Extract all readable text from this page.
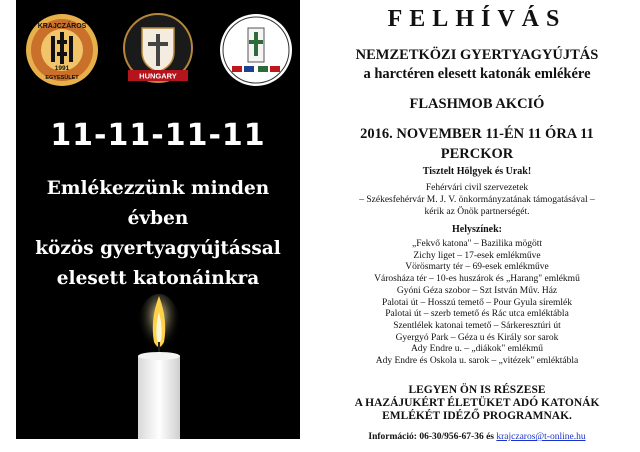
KRAJCZÁROS
1991
EGYESÜLET	HUNGARY
11-11-11-11
Emlékezzünk minden évben
közös gyertyagyújtással
elesett katonáinkra
FELHÍVÁS
NEMZETKÖZI GYERTYAGYÚJTÁS
a harctéren elesett katonák emlékére
FLASHMOB AKCIÓ
2016. NOVEMBER 11-ÉN 11 ÓRA 11
PERCKOR
Tisztelt Hölgyek és Urak!
Fehérvári civil szervezetek
– Székesfehérvár M. J. V. önkormányzatának támogatásával –
kérik az Önök partnerségét.
Helyszínek:
„Fekvő katona" – Bazilika mögött
Zichy liget – 17-esek emlékműve
Vörösmarty tér – 69-esek emlékműve
Városháza tér – 10-es huszárok és „Harang" emlékmű
Gyóni Géza szobor – Szt István Műv. Ház
Palotai út – Hosszú temető – Pour Gyula síremlék
Palotai út – szerb temető és Rác utca emléktábla
Szentlélek katonai temető – Sárkeresztúri út
Gyergyó Park – Géza u és Király sor sarok
Ady Endre u. – „diákok" emlékmű
Ady Endre és Oskola u. sarok – „vitézek" emléktábla
LEGYEN ÖN IS RÉSZESE
A HAZÁJUKÉRT ÉLETÜKET ADÓ KATONÁK
EMLÉKÉT IDÉZŐ PROGRAMNAK.
Információ: 06-30/956-67-36 és krajczaros@t-online.hu
